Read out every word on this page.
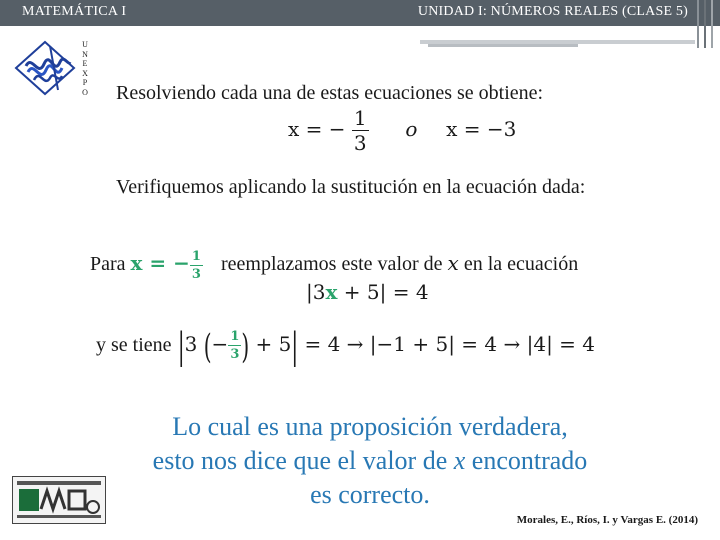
MATEMÁTICA I	UNIDAD I: NÚMEROS REALES (CLASE 5)
U
N
E
X
P
O Resolviendo cada una de estas ecuaciones se obtiene:
x = − $\frac{1}{3}$ o x = −3
Verifiquemos aplicando la sustitución en la ecuación dada:
Para x = − $\frac{1}{3}$ reemplazamos este valor de x en la ecuación
|3x + 5| = 4
y se tiene |3 (− $\frac{1}{3}$ ) + 5| = 4 → |−1 + 5| = 4 → |4| = 4
Lo cual es una proposición verdadera,
esto nos dice que el valor de x encontrado
es correcto.
Morales, E., Ríos, I. y Vargas E. (2014)
